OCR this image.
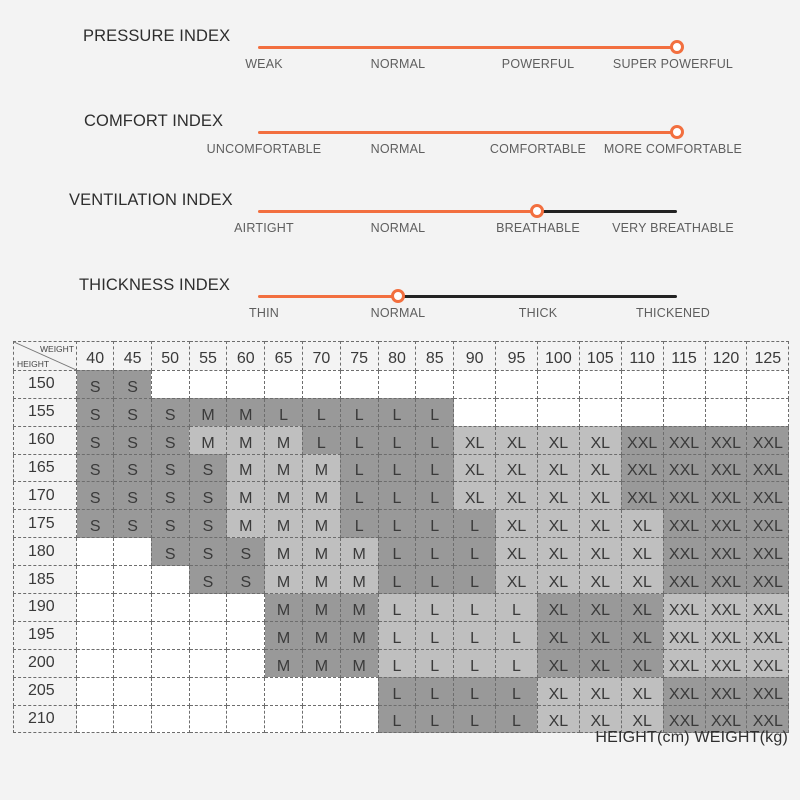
PRESSURE INDEX
WEAK	NORMAL	POWERFUL	SUPER POWERFUL
COMFORT INDEX
UNCOMFORTABLE	NORMAL	COMFORTABLE MORE COMFORTABLE
VENTILATION INDEX
AIRTIGHT	NORMAL	BREATHABLE	VERY BREATHABLE
THICKNESS INDEX
THIN	NORMAL	THICK	THICKENED
WEIGHT
HEIGHT	40	45	50	55	60	65	70	75	80	85	90	95	100	105	110	115	120	125
150	S	S																
155	S	S	S	M	M	L	L	L	L	L								
160	S	S	S	M	M	M	L	L	L	L	XL	XL	XL	XL	XXL	XXL	XXL	XXL
165	S	S	S	S	M	M	M	L	L	L	XL	XL	XL	XL	XXL	XXL	XXL	XXL
170	S	S	S	S	M	M	M	L	L	L	XL	XL	XL	XL	XXL	XXL	XXL	XXL
175	S	S	S	S	M	M	M	L	L	L	L	XL	XL	XL	XL	XXL	XXL	XXL
180			S	S	S	M	M	M	L	L	L	XL	XL	XL	XL	XXL	XXL	XXL
185				S	S	M	M	M	L	L	L	XL	XL	XL	XL	XXL	XXL	XXL
190						M	M	M	L	L	L	L	XL	XL	XL	XXL	XXL	XXL
195						M	M	M	L	L	L	L	XL	XL	XL	XXL	XXL	XXL
200						M	M	M	L	L	L	L	XL	XL	XL	XXL	XXL	XXL
205									L	L	L	L	XL	XL	XL	XXL	XXL	XXL
210									L	L	L	L	XL	XL	XL	XXL	XXL	XXL
HEIGHT(cm) WEIGHT(kg)
